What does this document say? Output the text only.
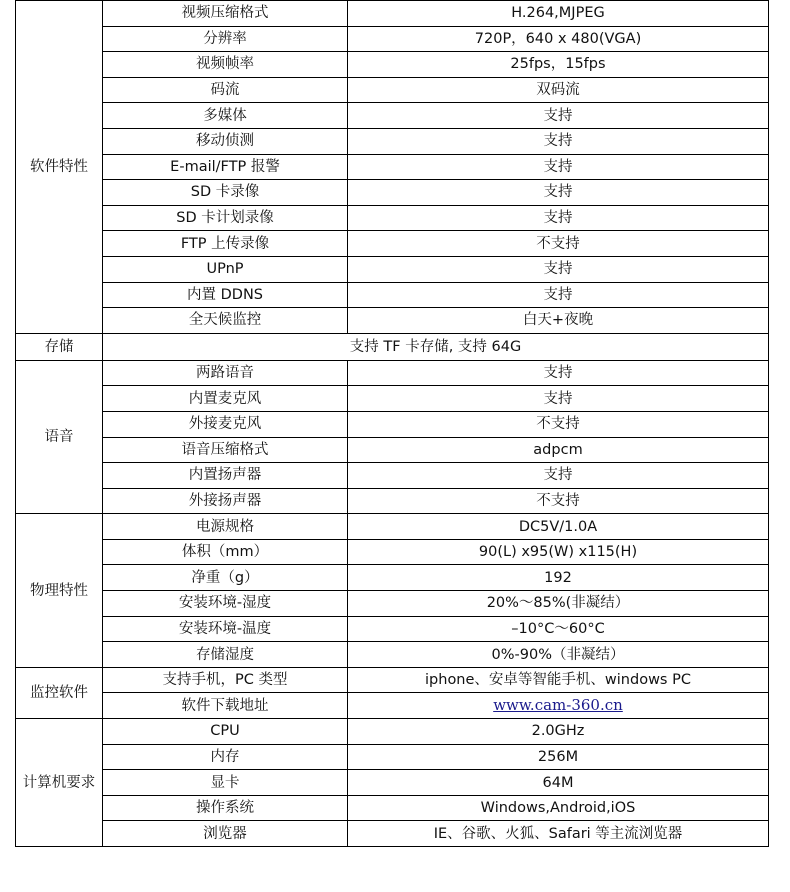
软件特性	视频压缩格式	H.264,MJPEG
	分辨率	720P，640 x 480(VGA)
	视频帧率	25fps，15fps
	码流	双码流
	多媒体	支持
	移动侦测	支持
	E-mail/FTP 报警	支持
	SD 卡录像	支持
	SD 卡计划录像	支持
	FTP 上传录像	不支持
	UPnP	支持
	内置 DDNS	支持
	全天候监控	白天+夜晚
存储	支持 TF 卡存储, 支持 64G	
语音	两路语音	支持
	内置麦克风	支持
	外接麦克风	不支持
	语音压缩格式	adpcm
	内置扬声器	支持
	外接扬声器	不支持
物理特性	电源规格	DC5V/1.0A
	体积（mm）	90(L) x95(W) x115(H)
	净重（g）	192
	安装环境-湿度	20%～85%(非凝结）
	安装环境-温度	–10°C～60°C
	存储湿度	0%-90%（非凝结）
监控软件	支持手机，PC 类型	iphone、安卓等智能手机、windows PC
	软件下载地址	www.cam-360.cn
计算机要求	CPU	2.0GHz
	内存	256M
	显卡	64M
	操作系统	Windows,Android,iOS
	浏览器	IE、谷歌、火狐、Safari 等主流浏览器
